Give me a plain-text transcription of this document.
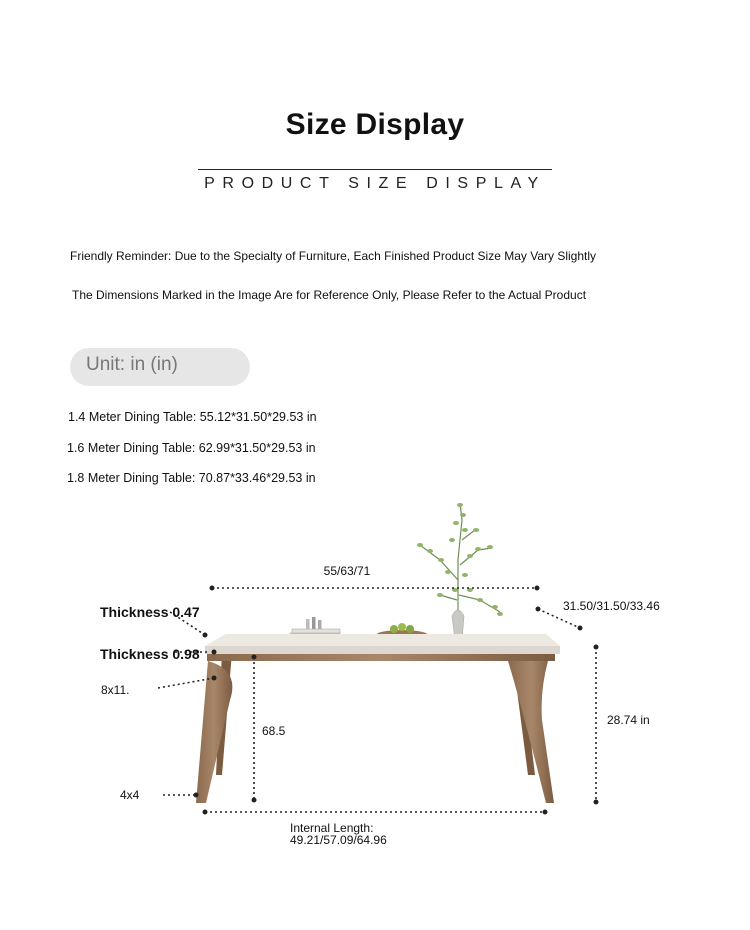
Size Display
PRODUCT SIZE DISPLAY
Friendly Reminder: Due to the Specialty of Furniture, Each Finished Product Size May Vary Slightly
The Dimensions Marked in the Image Are for Reference Only, Please Refer to the Actual Product
Unit: in (in)
1.4 Meter Dining Table: 55.12*31.50*29.53 in
1.6 Meter Dining Table: 62.99*31.50*29.53 in
1.8 Meter Dining Table: 70.87*33.46*29.53 in
55/63/71
31.50/31.50/33.46
Thickness 0.47
Thickness 0.98
8x11.
4x4
68.5
28.74 in
Internal Length:
49.21/57.09/64.96
